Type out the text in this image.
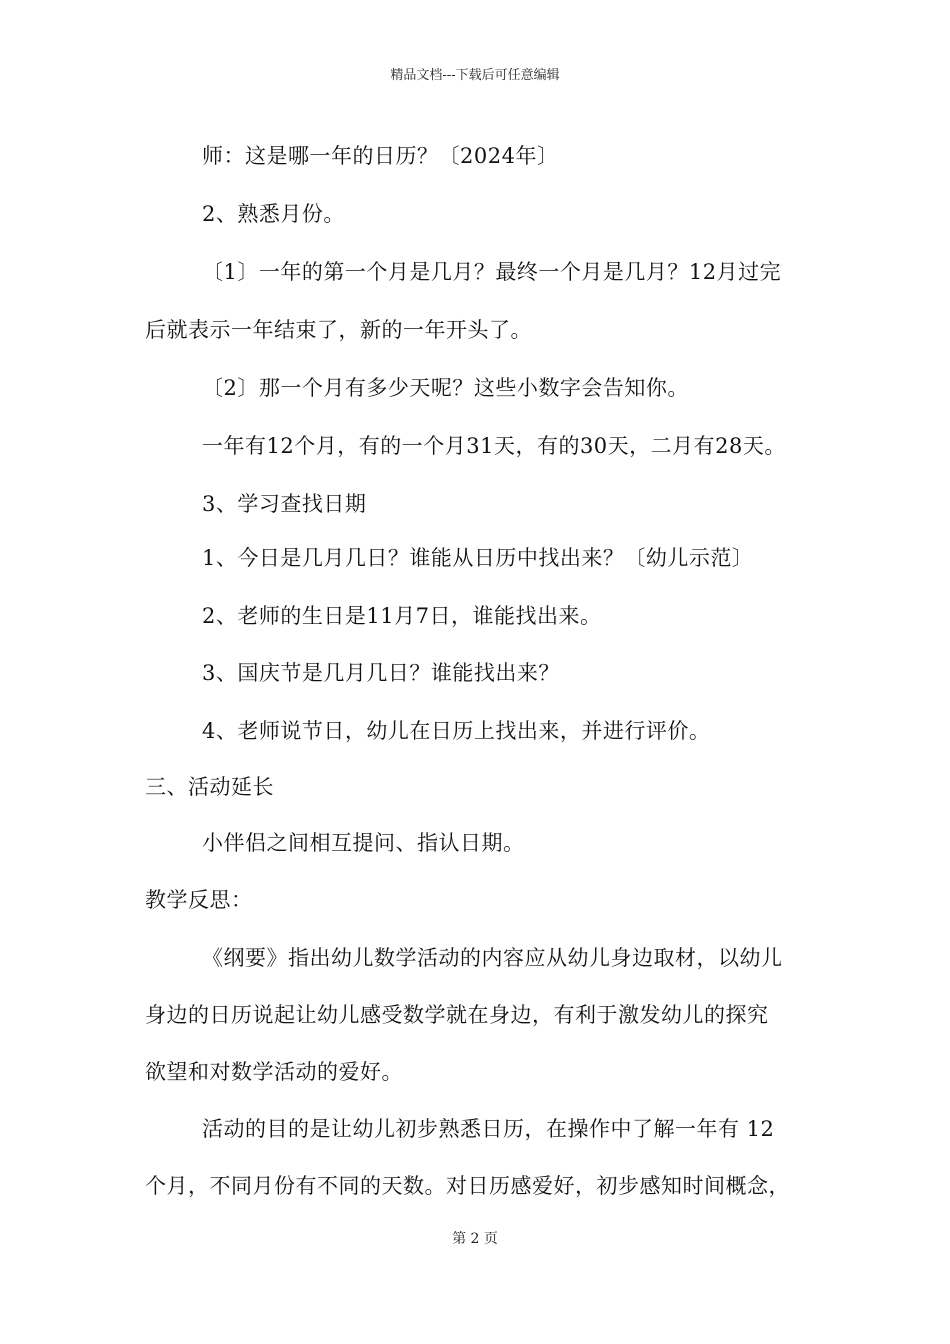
精品文档---下载后可任意编辑
师：这是哪一年的日历？〔2024年〕
2、熟悉月份。
〔1〕一年的第一个月是几月？最终一个月是几月？12月过完
后就表示一年结束了，新的一年开头了。
〔2〕那一个月有多少天呢？这些小数字会告知你。
一年有12个月，有的一个月31天，有的30天，二月有28天。
3、学习查找日期
1、今日是几月几日？谁能从日历中找出来？〔幼儿示范〕
2、老师的生日是11月7日，谁能找出来。
3、国庆节是几月几日？谁能找出来？
4、老师说节日，幼儿在日历上找出来，并进行评价。
三、活动延长
小伴侣之间相互提问、指认日期。
教学反思：
《纲要》指出幼儿数学活动的内容应从幼儿身边取材，以幼儿
身边的日历说起让幼儿感受数学就在身边，有利于激发幼儿的探究
欲望和对数学活动的爱好。
活动的目的是让幼儿初步熟悉日历，在操作中了解一年有 12
个月，不同月份有不同的天数。对日历感爱好，初步感知时间概念，
第 2 页
